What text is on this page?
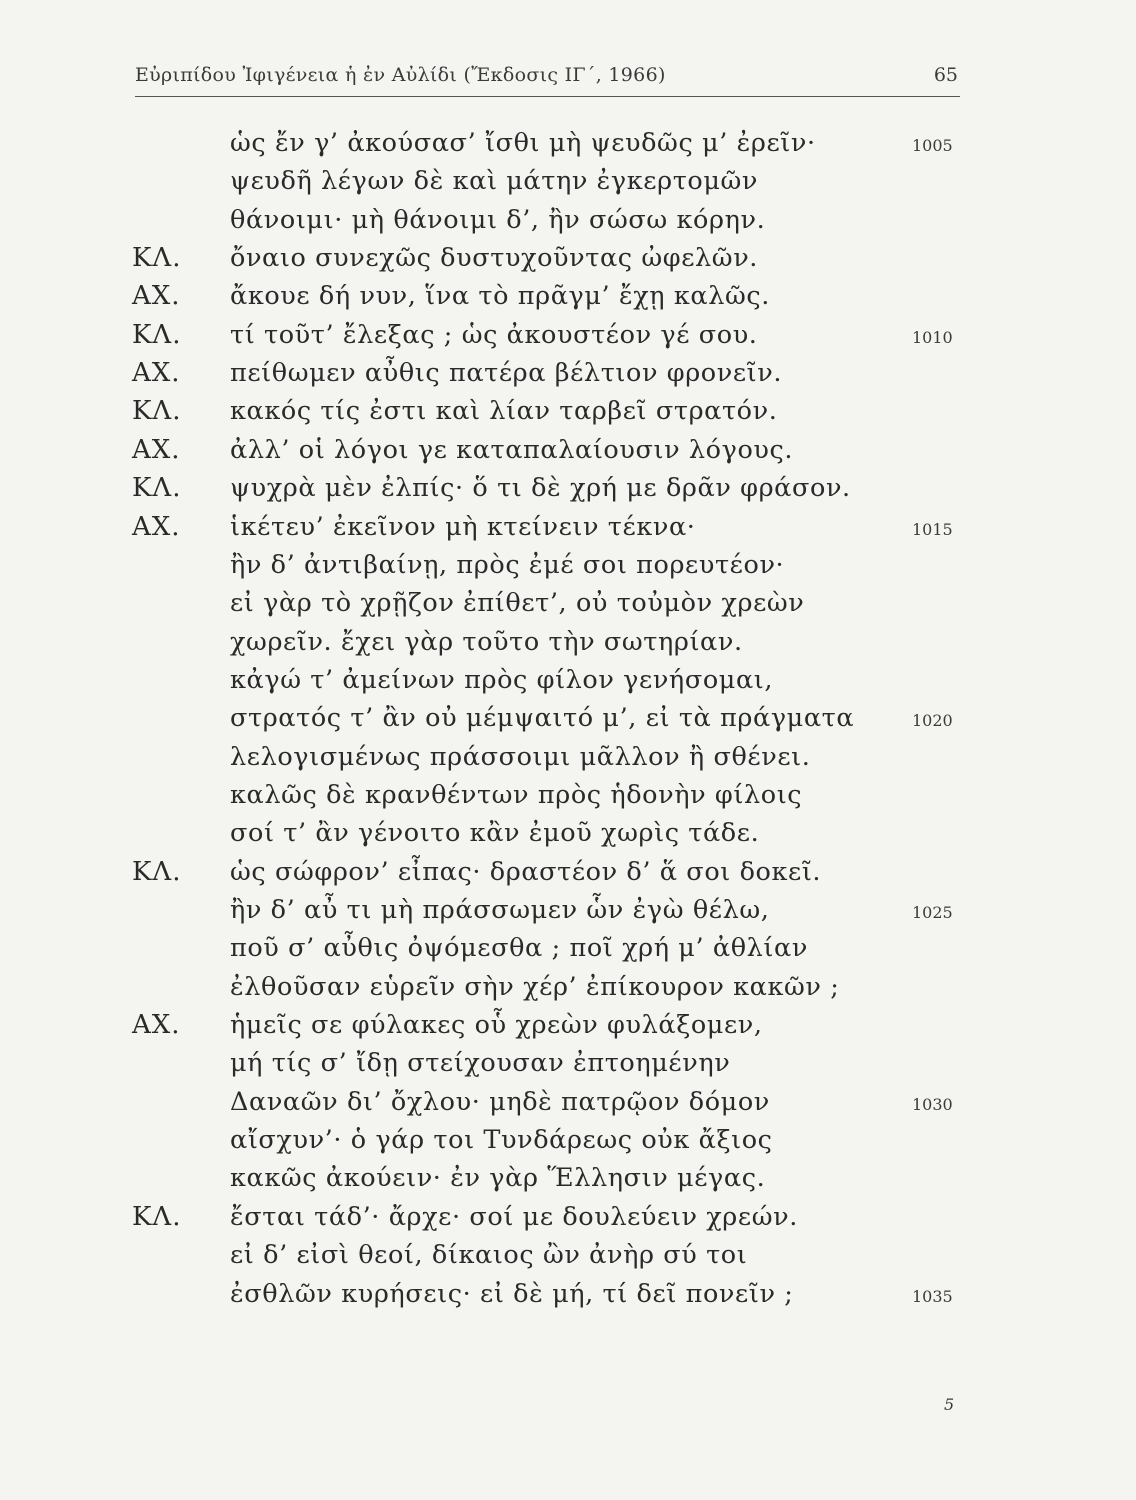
Εὐριπίδου Ἰφιγένεια ἡ ἐν Αὐλίδι (Ἔκδοσις ΙΓ΄, 1966)	65
ὡς ἔν γ’ ἀκούσασ’ ἴσθι μὴ ψευδῶς μ’ ἐρεῖν·	1005
ψευδῆ λέγων δὲ καὶ μάτην ἐγκερτομῶν
θάνοιμι· μὴ θάνοιμι δ’, ἢν σώσω κόρην.
ΚΛ. ὄναιο συνεχῶς δυστυχοῦντας ὠφελῶν.
ΑΧ. ἄκουε δή νυν, ἵνα τὸ πρᾶγμ’ ἔχῃ καλῶς.
ΚΛ. τί τοῦτ’ ἔλεξας ; ὡς ἀκουστέον γέ σου.	1010
ΑΧ. πείθωμεν αὖθις πατέρα βέλτιον φρονεῖν.
ΚΛ. κακός τίς ἐστι καὶ λίαν ταρβεῖ στρατόν.
ΑΧ. ἀλλ’ οἱ λόγοι γε καταπαλαίουσιν λόγους.
ΚΛ. ψυχρὰ μὲν ἐλπίς· ὅ τι δὲ χρή με δρᾶν φράσον.
ΑΧ. ἱκέτευ’ ἐκεῖνον μὴ κτείνειν τέκνα·	1015
ἢν δ’ ἀντιβαίνῃ, πρὸς ἐμέ σοι πορευτέον·
εἰ γὰρ τὸ χρῇζον ἐπίθετ’, οὐ τοὐμὸν χρεὼν
χωρεῖν. ἔχει γὰρ τοῦτο τὴν σωτηρίαν.
κἀγώ τ’ ἀμείνων πρὸς φίλον γενήσομαι,
στρατός τ’ ἂν οὐ μέμψαιτό μ’, εἰ τὰ πράγματα	1020
λελογισμένως πράσσοιμι μᾶλλον ἢ σθένει.
καλῶς δὲ κρανθέντων πρὸς ἡδονὴν φίλοις
σοί τ’ ἂν γένοιτο κἂν ἐμοῦ χωρὶς τάδε.
ΚΛ. ὡς σώφρον’ εἶπας· δραστέον δ’ ἅ σοι δοκεῖ.
ἢν δ’ αὖ τι μὴ πράσσωμεν ὧν ἐγὼ θέλω,	1025
ποῦ σ’ αὖθις ὀψόμεσθα ; ποῖ χρή μ’ ἀθλίαν
ἐλθοῦσαν εὑρεῖν σὴν χέρ’ ἐπίκουρον κακῶν ;
ΑΧ. ἡμεῖς σε φύλακες οὗ χρεὼν φυλάξομεν,
μή τίς σ’ ἴδῃ στείχουσαν ἐπτοημένην
Δαναῶν δι’ ὄχλου· μηδὲ πατρῷον δόμον	1030
αἴσχυν’· ὁ γάρ τοι Τυνδάρεως οὐκ ἄξιος
κακῶς ἀκούειν· ἐν γὰρ Ἕλλησιν μέγας.
ΚΛ. ἔσται τάδ’· ἄρχε· σοί με δουλεύειν χρεών.
εἰ δ’ εἰσὶ θεοί, δίκαιος ὢν ἀνὴρ σύ τοι
ἐσθλῶν κυρήσεις· εἰ δὲ μή, τί δεῖ πονεῖν ;	1035
5
